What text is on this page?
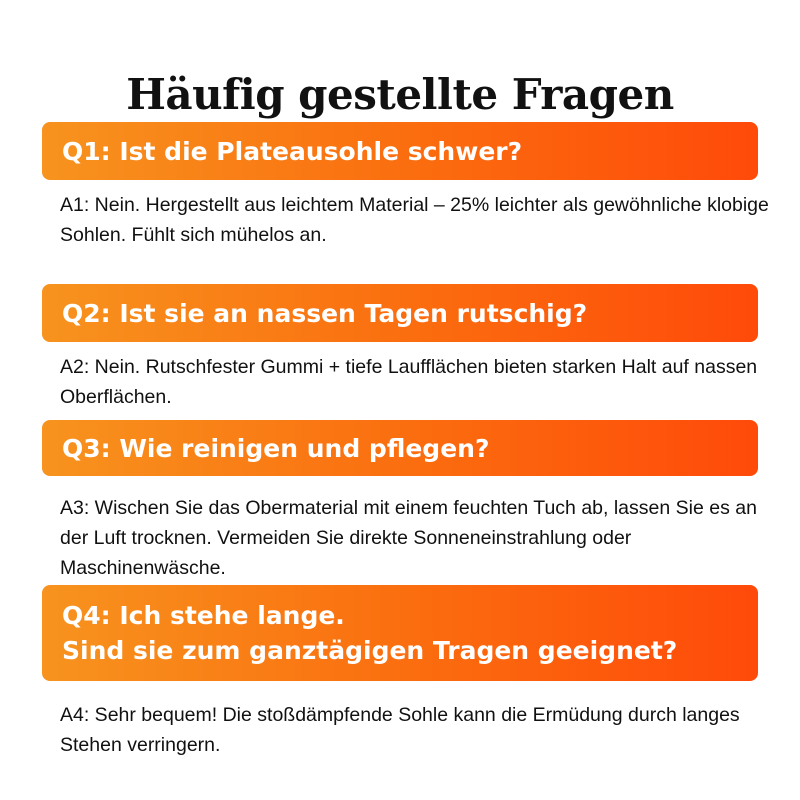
Häufig gestellte Fragen
Q1: Ist die Plateausohle schwer?
A1: Nein. Hergestellt aus leichtem Material – 25% leichter als gewöhnliche klobige Sohlen. Fühlt sich mühelos an.
Q2: Ist sie an nassen Tagen rutschig?
A2: Nein. Rutschfester Gummi + tiefe Laufflächen bieten starken Halt auf nassen Oberflächen.
Q3: Wie reinigen und pflegen?
A3: Wischen Sie das Obermaterial mit einem feuchten Tuch ab, lassen Sie es an der Luft trocknen. Vermeiden Sie direkte Sonneneinstrahlung oder Maschinenwäsche.
Q4: Ich stehe lange.
Sind sie zum ganztägigen Tragen geeignet?
A4: Sehr bequem! Die stoßdämpfende Sohle kann die Ermüdung durch langes Stehen verringern.
